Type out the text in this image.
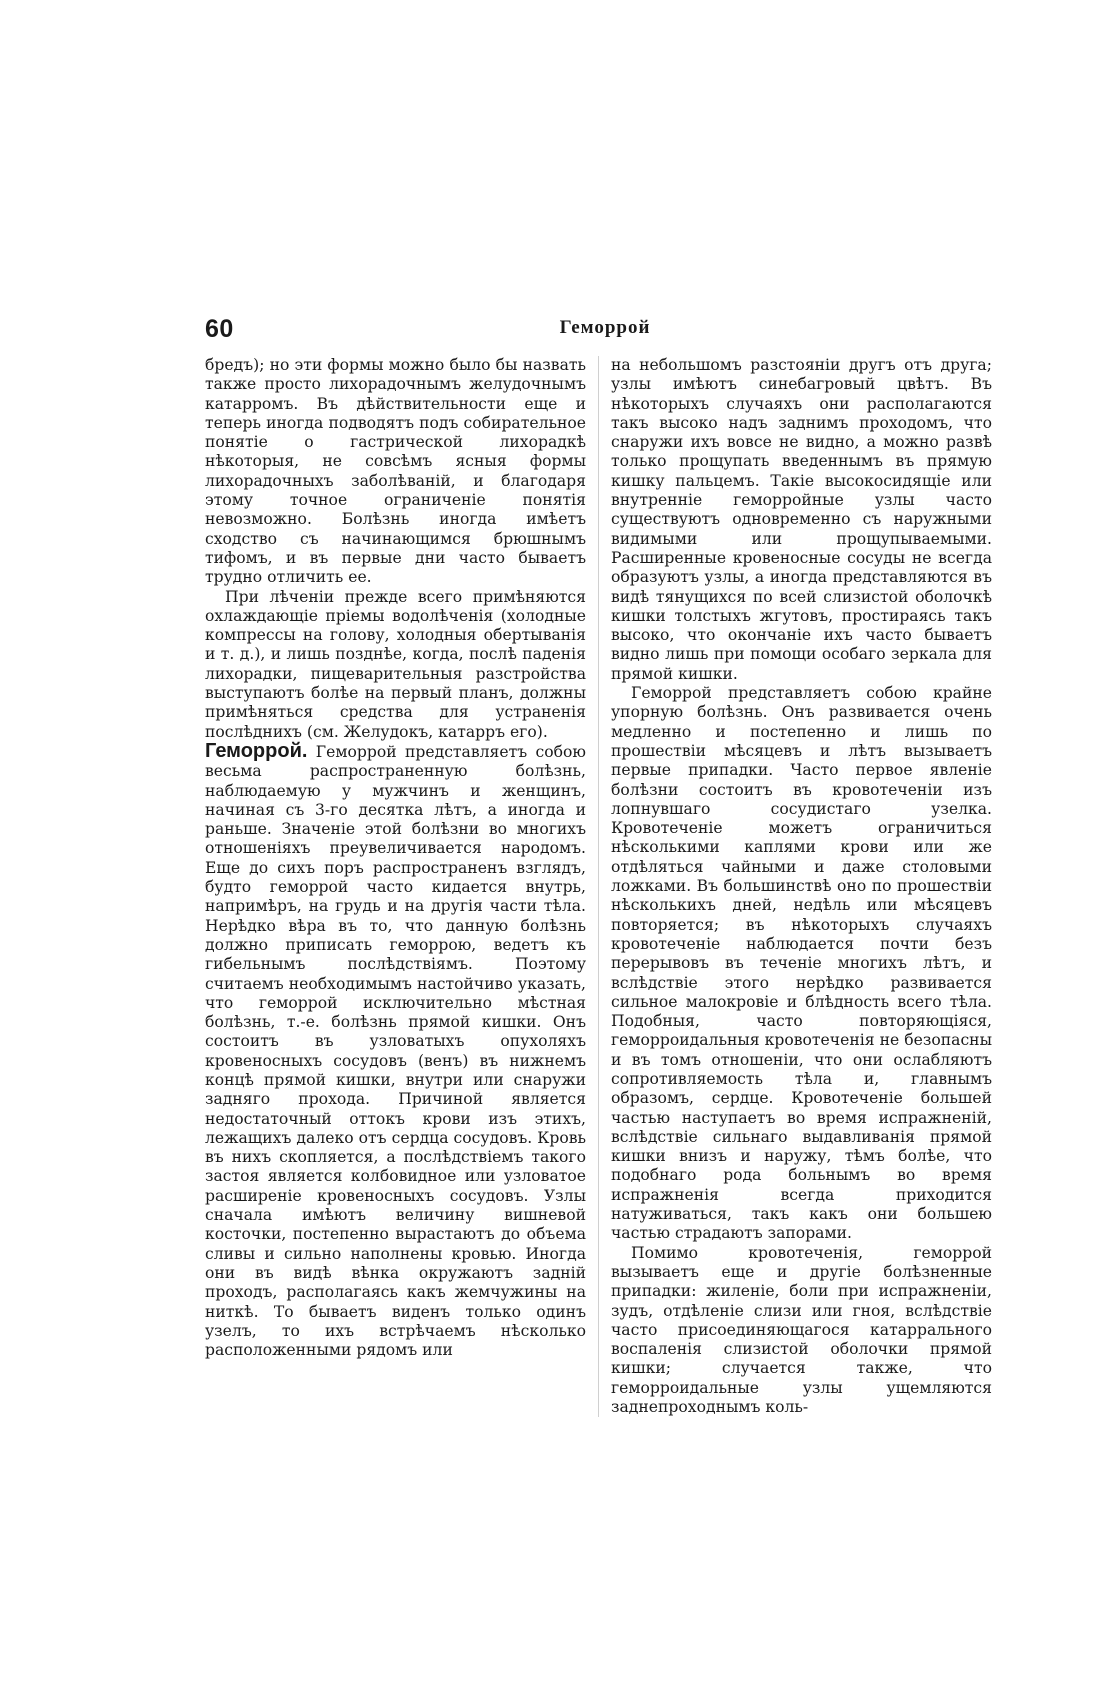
60	Геморрой

бредъ); но эти формы можно было бы назвать также просто лихорадочнымъ желудочнымъ катарромъ. Въ дѣйствительности еще и теперь иногда подводятъ подъ собирательное понятіе о гастрической лихорадкѣ нѣкоторыя, не совсѣмъ ясныя формы лихорадочныхъ заболѣваній, и благодаря этому точное ограниченіе понятія невозможно. Болѣзнь иногда имѣетъ сходство съ начинающимся брюшнымъ тифомъ, и въ первые дни часто бываетъ трудно отличить ее.

При лѣченіи прежде всего примѣняются охлаждающіе пріемы водолѣченія (холодные компрессы на голову, холодныя обертыванія и т. д.), и лишь позднѣе, когда, послѣ паденія лихорадки, пищеварительныя разстройства выступаютъ болѣе на первый планъ, должны примѣняться средства для устраненія послѣднихъ (см. Желудокъ, катарръ его).

Геморрой. Геморрой представляетъ собою весьма распространенную болѣзнь, наблюдаемую у мужчинъ и женщинъ, начиная съ 3-го десятка лѣтъ, а иногда и раньше. Значеніе этой болѣзни во многихъ отношеніяхъ преувеличивается народомъ. Еще до сихъ поръ распространенъ взглядъ, будто геморрой часто кидается внутрь, напримѣръ, на грудь и на другія части тѣла. Нерѣдко вѣра въ то, что данную болѣзнь должно приписать геморрою, ведетъ къ гибельнымъ послѣдствіямъ. Поэтому считаемъ необходимымъ настойчиво указать, что геморрой исключительно мѣстная болѣзнь, т.-е. болѣзнь прямой кишки. Онъ состоитъ въ узловатыхъ опухоляхъ кровеносныхъ сосудовъ (венъ) въ нижнемъ концѣ прямой кишки, внутри или снаружи задняго прохода. Причиной является недостаточный оттокъ крови изъ этихъ, лежащихъ далеко отъ сердца сосудовъ. Кровь въ нихъ скопляется, а послѣдствіемъ такого застоя является колбовидное или узловатое расширеніе кровеносныхъ сосудовъ. Узлы сначала имѣютъ величину вишневой косточки, постепенно вырастаютъ до объема сливы и сильно наполнены кровью. Иногда они въ видѣ вѣнка окружаютъ задній проходъ, располагаясь какъ жемчужины на ниткѣ. То бываетъ виденъ только одинъ узелъ, то ихъ встрѣчаемъ нѣсколько расположенными рядомъ или

на небольшомъ разстояніи другъ отъ друга; узлы имѣютъ синебагровый цвѣтъ. Въ нѣкоторыхъ случаяхъ они располагаются такъ высоко надъ заднимъ проходомъ, что снаружи ихъ вовсе не видно, а можно развѣ только прощупать введеннымъ въ прямую кишку пальцемъ. Такіе высокосидящіе или внутренніе геморройные узлы часто существуютъ одновременно съ наружными видимыми или прощупываемыми. Расширенные кровеносные сосуды не всегда образуютъ узлы, а иногда представляются въ видѣ тянущихся по всей слизистой оболочкѣ кишки толстыхъ жгутовъ, простираясь такъ высоко, что окончаніе ихъ часто бываетъ видно лишь при помощи особаго зеркала для прямой кишки.

Геморрой представляетъ собою крайне упорную болѣзнь. Онъ развивается очень медленно и постепенно и лишь по прошествіи мѣсяцевъ и лѣтъ вызываетъ первые припадки. Часто первое явленіе болѣзни состоитъ въ кровотеченіи изъ лопнувшаго сосудистаго узелка. Кровотеченіе можетъ ограничиться нѣсколькими каплями крови или же отдѣляться чайными и даже столовыми ложками. Въ большинствѣ оно по прошествіи нѣсколькихъ дней, недѣль или мѣсяцевъ повторяется; въ нѣкоторыхъ случаяхъ кровотеченіе наблюдается почти безъ перерывовъ въ теченіе многихъ лѣтъ, и вслѣдствіе этого нерѣдко развивается сильное малокровіе и блѣдность всего тѣла. Подобныя, часто повторяющіяся, геморроидальныя кровотеченія не безопасны и въ томъ отношеніи, что они ослабляютъ сопротивляемость тѣла и, главнымъ образомъ, сердце. Кровотеченіе большей частью наступаетъ во время испражненій, вслѣдствіе сильнаго выдавливанія прямой кишки внизъ и наружу, тѣмъ болѣе, что подобнаго рода больнымъ во время испражненія всегда приходится натуживаться, такъ какъ они большею частью страдаютъ запорами.

Помимо кровотеченія, геморрой вызываетъ еще и другіе болѣзненные припадки: жиленіе, боли при испражненіи, зудъ, отдѣленіе слизи или гноя, вслѣдствіе часто присоединяющагося катаррального воспаленія слизистой оболочки прямой кишки; случается также, что геморроидальные узлы ущемляются заднепроходнымъ коль-
